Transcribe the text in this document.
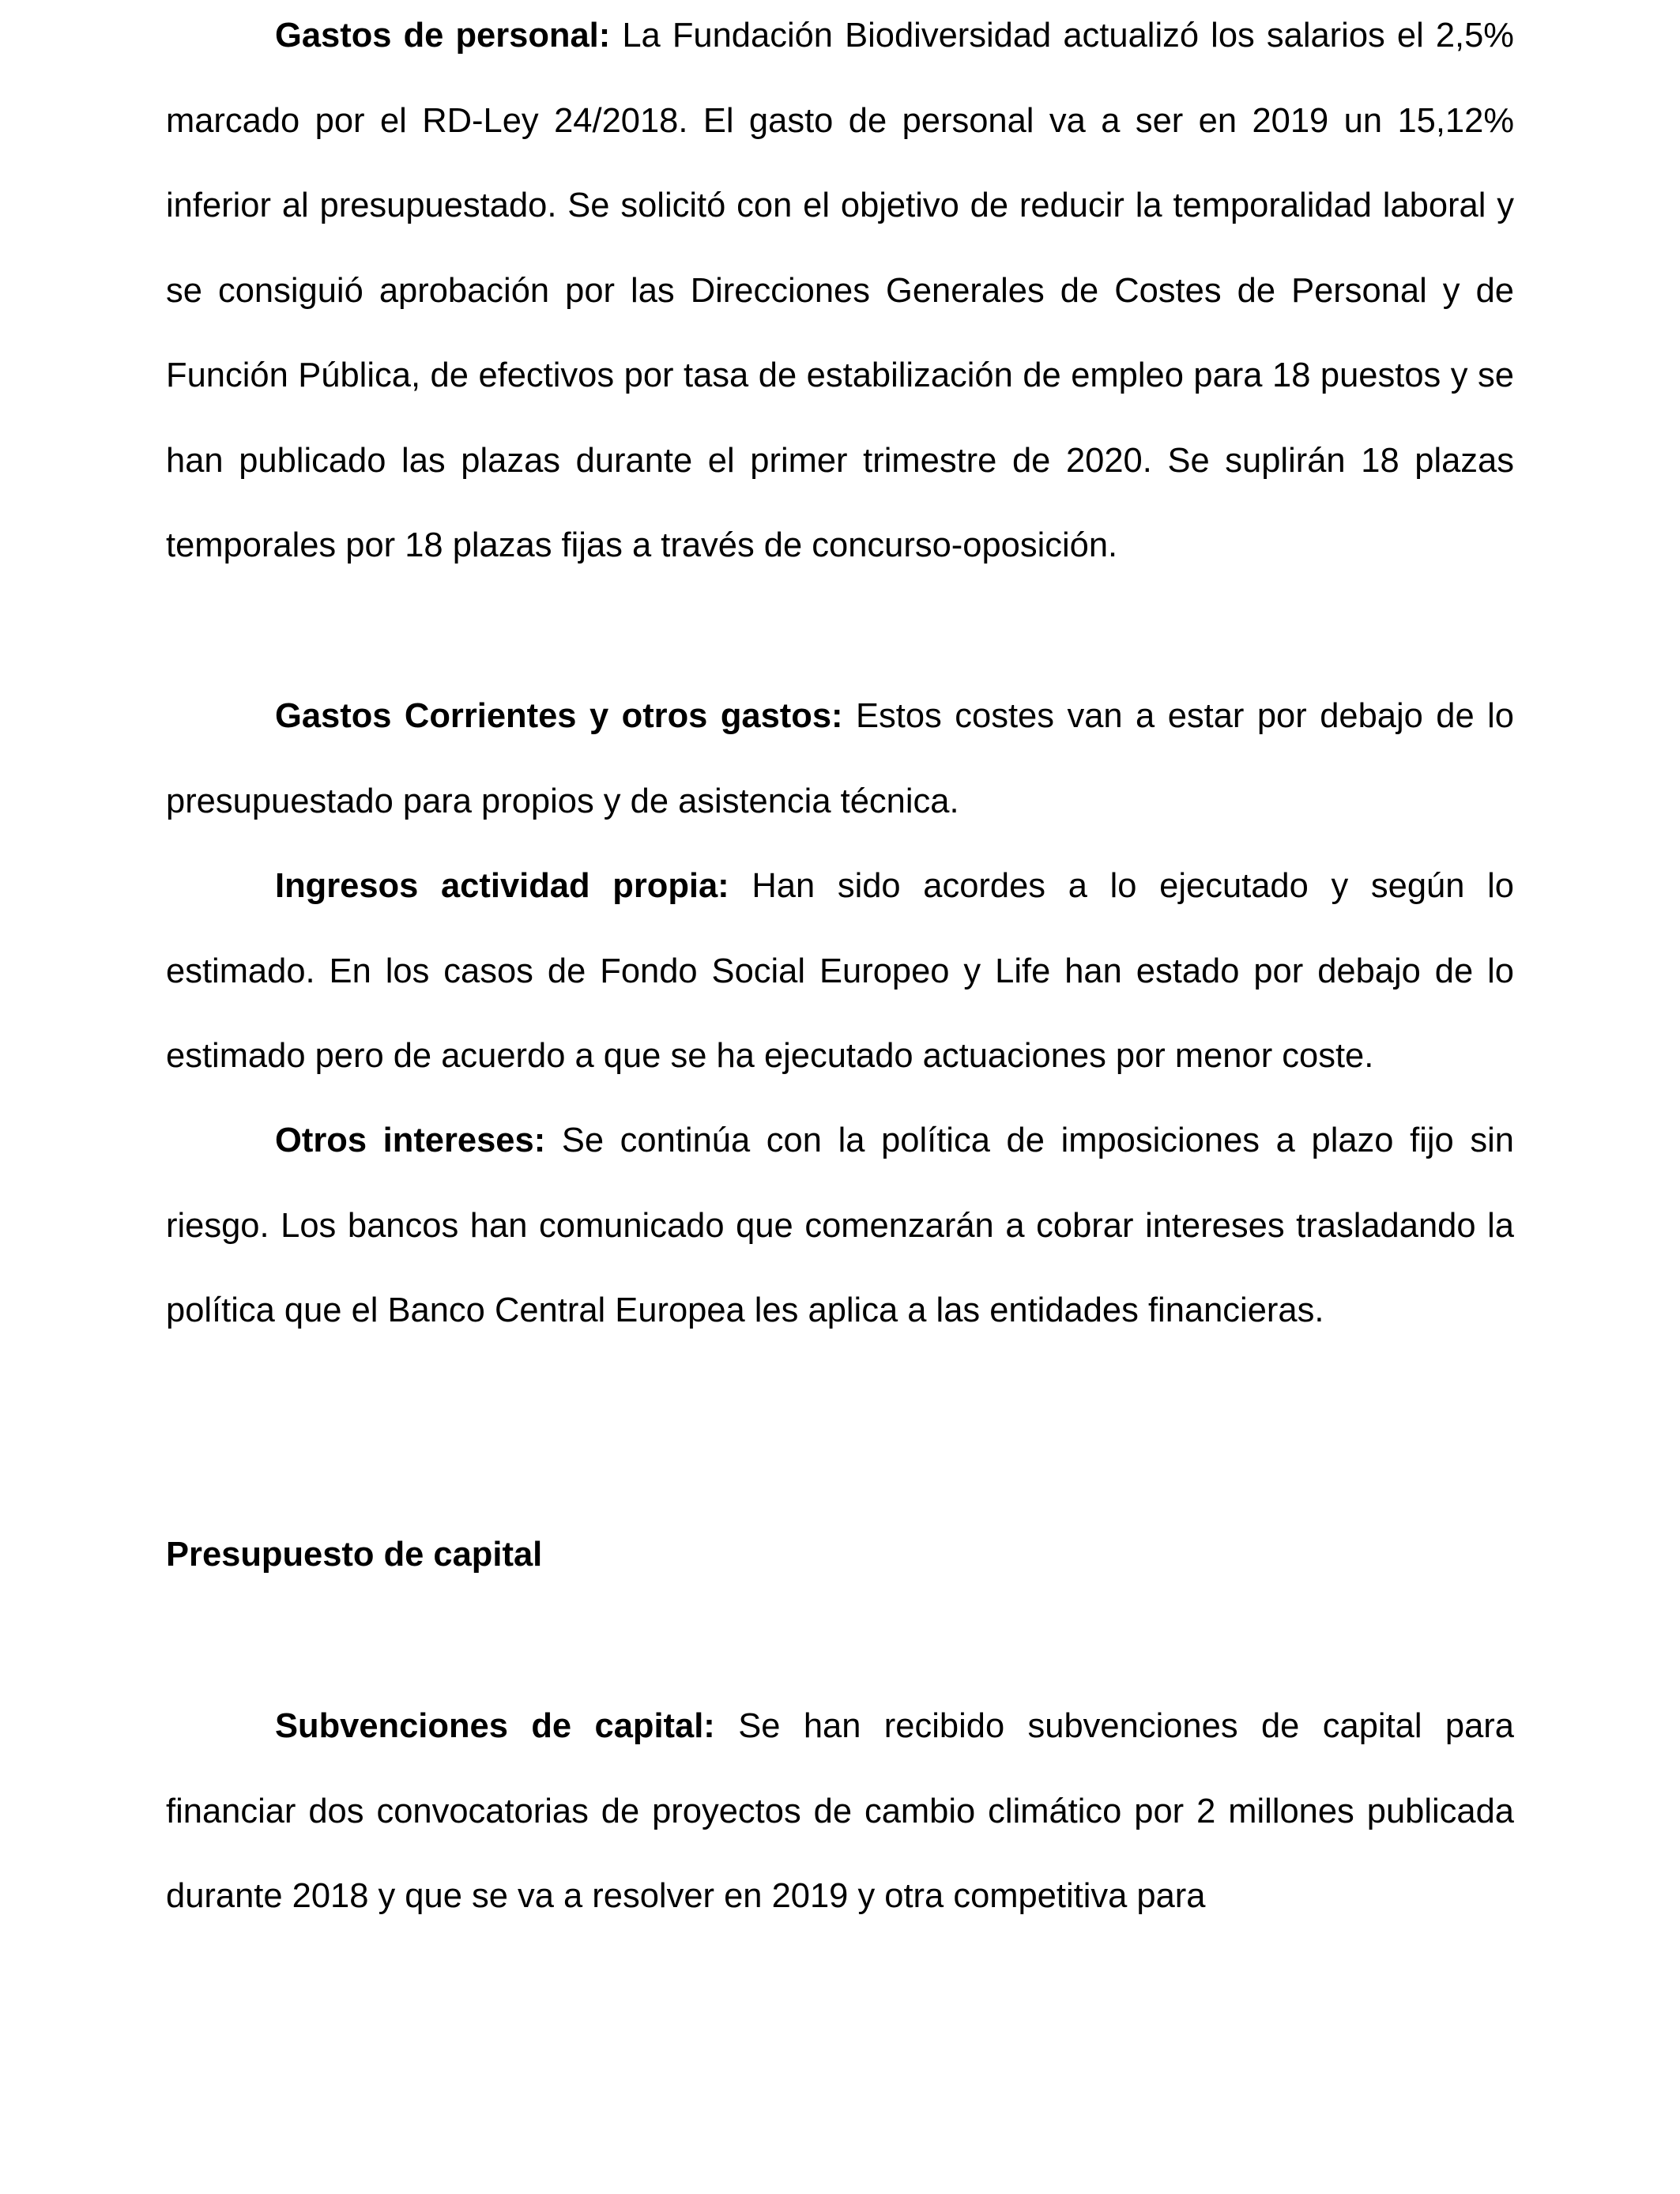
Gastos de personal: La Fundación Biodiversidad actualizó los salarios el 2,5% marcado por el RD-Ley 24/2018. El gasto de personal va a ser en 2019 un 15,12% inferior al presupuestado. Se solicitó con el objetivo de reducir la temporalidad laboral y se consiguió aprobación por las Direcciones Generales de Costes de Personal y de Función Pública, de efectivos por tasa de estabilización de empleo para 18 puestos y se han publicado las plazas durante el primer trimestre de 2020. Se suplirán 18 plazas temporales por 18 plazas fijas a través de concurso-oposición.

Gastos Corrientes y otros gastos: Estos costes van a estar por debajo de lo presupuestado para propios y de asistencia técnica.

Ingresos actividad propia: Han sido acordes a lo ejecutado y según lo estimado. En los casos de Fondo Social Europeo y Life han estado por debajo de lo estimado pero de acuerdo a que se ha ejecutado actuaciones por menor coste.

Otros intereses: Se continúa con la política de imposiciones a plazo fijo sin riesgo. Los bancos han comunicado que comenzarán a cobrar intereses trasladando la política que el Banco Central Europea les aplica a las entidades financieras.

Presupuesto de capital

Subvenciones de capital: Se han recibido subvenciones de capital para financiar dos convocatorias de proyectos de cambio climático por 2 millones publicada durante 2018 y que se va a resolver en 2019 y otra competitiva para
